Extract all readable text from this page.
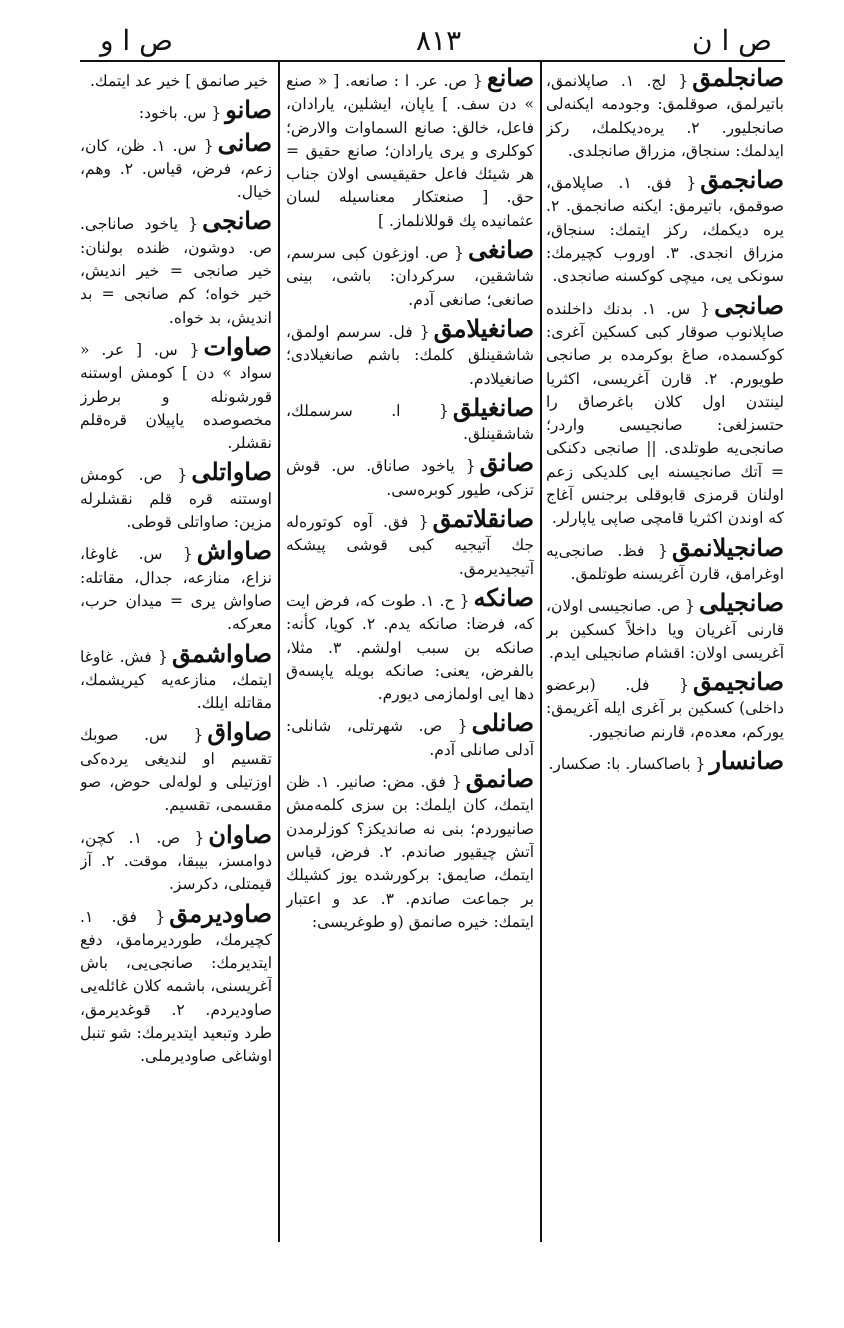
ص ا ن
۸۱۳
ص ا و
صانجلمق{ لج. ۱. صاپلانمق، باتیرلمق، صوقلمق: وجودمه ایکنه‌لی صانجلیور. ۲. یره‌دیکلمك، رکز ایدلمك: سنجاق، مزراق صانجلدی.
صانجمق{ فق. ۱. صاپلامق، صوقمق، باتیرمق: ایکنه صانجمق. ۲. یره دیکمك، رکز ایتمك: سنجاق، مزراق انجدی. ۳. اوروب کچیرمك: سونکی یی، میچی کوکسنه صانجدی.
صانجی{ س. ۱. بدنك داخلنده صاپلانوب صوقار کبی کسکین آغری: کوکسمده، صاغ بوکرمده بر صانجی طویورم. ۲. قارن آغریسی، اکثریا لینتدن اول کلان باغرصاق را حتسزلغی: صانجیسی واردر؛ صانجی‌یه طوتلدی. || صانجی دکنکی = آتك صانجیسنه ایی کلدیکی زعم اولنان قرمزی قابوقلی برجنس آغاج که اوندن اکثریا قامچی صاپی یاپارلر.
صانجیلانمق{ فظ. صانجی‌یه اوغرامق، قارن آغریسنه طوتلمق.
صانجیلی{ ص. صانجیسی اولان، قارنی آغریان ویا داخلاً کسکین بر آغریسی اولان: اقشام صانجیلی ایدم.
صانجیمق{ فل. (برعضو داخلی) کسکین بر آغری ایله آغریمق: یورکم، معده‌م، قارنم صانجیور.
صانسار{ باصاکسار. با: صکسار.
صانع{ ص. عر. ا : صانعه. [ « صنع » دن سف. ] یاپان، ایشلین، یارادان، فاعل، خالق: صانع السماوات والارض؛ کوکلری و یری یارادان؛ صانع حقیق = هر شیئك فاعل حقیقیسی اولان جناب حق. [ صنعتکار معناسیله لسان عثمانیده پك قوللانلماز. ]
صانغی{ ص. اوزغون کبی سرسم، شاشقین، سرکردان: باشی، بینی صانغی؛ صانغی آدم.
صانغیلامق{ فل. سرسم اولمق، شاشقینلق کلمك: باشم صانغیلادی؛ صانغیلادم.
صانغیلق{ ا. سرسملك، شاشقینلق.
صانق{ یاخود صاناق. س. قوش تزکی، طیور کوبره‌سی.
صانقلاتمق{ فق. آوه کوتوره‌له جك آتیجیه کبی قوشی پیشکه آتیجیدیرمق.
صانکه{ ح. ۱. طوت که، فرض ایت که، فرضا: صانکه یدم. ۲. کویا، کأنه: صانکه بن سبب اولشم. ۳. مثلا، بالفرض، یعنی: صانکه بویله یاپسه‌ق دها ایی اولمازمی دیورم.
صانلی{ ص. شهرتلی، شانلی: آدلی صانلی آدم.
صانمق{ فق. مض: صانیر. ۱. ظن ایتمك، کان ایلمك: بن سزی کلمه‌مش صانیوردم؛ بنی نه صاندیکز؟ کوزلرمدن آتش چیقیور صاندم. ۲. فرض، قیاس ایتمك، صایمق: برکورشده یوز کشیلك بر جماعت صاندم. ۳. عد و اعتبار ایتمك: خیره صانمق (و طوغریسی:
خیر صانمق ] خیر عد ایتمك.
صانو{ س. باخود:
صانی{ س. ۱. ظن، کان، زعم، فرض، قیاس. ۲. وهم، خیال.
صانجی{ یاخود صاناجی. ص. دوشون، ظنده بولنان: خیر صانجی = خیر اندیش، خیر خواه؛ کم صانجی = بد اندیش، بد خواه.
صاوات{ س. [ عر. « سواد » دن ] کومش اوستنه قورشونله و برطرز مخصوصده یاپیلان قره‌قلم نقشلر.
صاواتلی{ ص. کومش اوستنه قره قلم نقشلرله مزین: صاواتلی قوطی.
صاواش{ س. غاوغا، نزاع، منازعه، جدال، مقاتله: صاواش یری = میدان حرب، معرکه.
صاواشمق{ فش. غاوغا ایتمك، منازعه‌یه کیریشمك، مقاتله ایلك.
صاواق{ س. صوبك تقسیم او لندیغی یرده‌کی اوزتیلی و لوله‌لی حوض، صو مقسمی، تقسیم.
صاوان{ ص. ۱. کچن، دوامسز، بیبقا، موقت. ۲. آز قیمتلی، دکرسز.
صاودیرمق{ فق. ۱. کچیرمك، طوردیرمامق، دفع ایتدیرمك: صانجی‌یی، باش آغریسنی، باشمه کلان غائله‌یی صاودیردم. ۲. قوغدیرمق، طرد وتبعید ایتدیرمك: شو تنبل اوشاغی صاودیرملی.
